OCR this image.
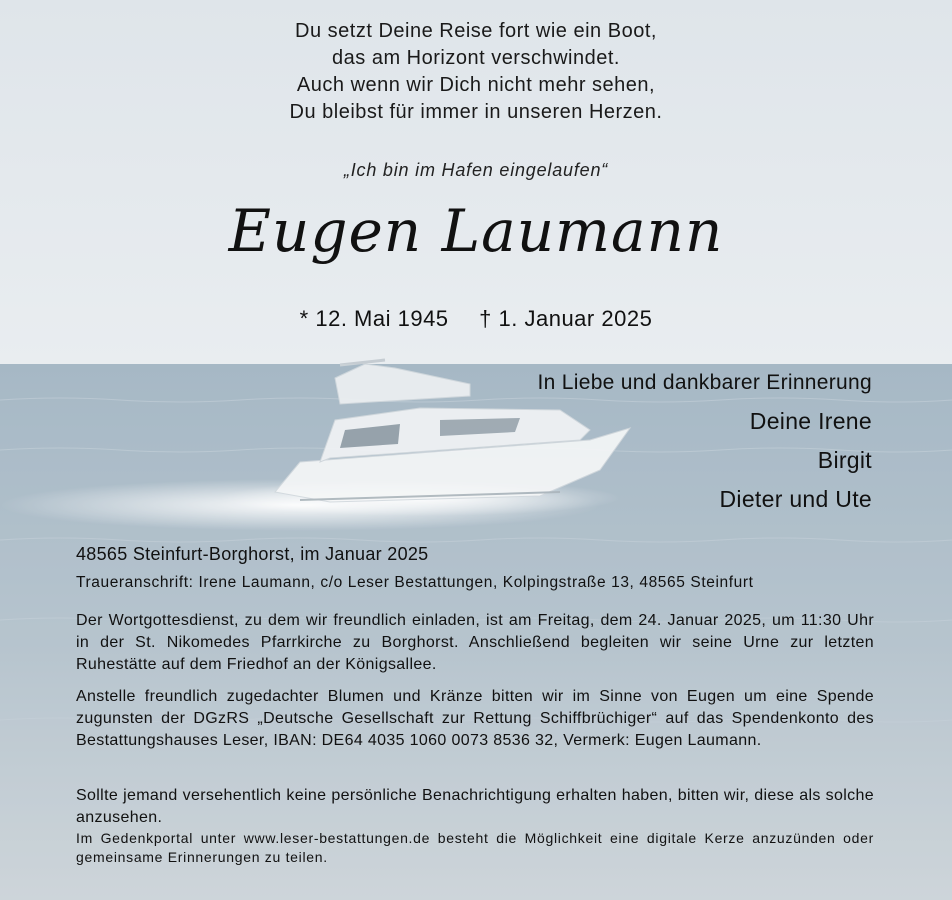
Du setzt Deine Reise fort wie ein Boot,
das am Horizont verschwindet.
Auch wenn wir Dich nicht mehr sehen,
Du bleibst für immer in unseren Herzen.
„Ich bin im Hafen eingelaufen“
Eugen Laumann
* 12. Mai 1945 † 1. Januar 2025
In Liebe und dankbarer Erinnerung
Deine Irene
Birgit
Dieter und Ute
48565 Steinfurt-Borghorst, im Januar 2025
Traueranschrift: Irene Laumann, c/o Leser Bestattungen, Kolpingstraße 13, 48565 Steinfurt
Der Wortgottesdienst, zu dem wir freundlich einladen, ist am Freitag, dem 24. Januar 2025, um 11:30 Uhr in der St. Nikomedes Pfarrkirche zu Borghorst. Anschließend begleiten wir seine Urne zur letzten Ruhestätte auf dem Friedhof an der Königsallee.
Anstelle freundlich zugedachter Blumen und Kränze bitten wir im Sinne von Eugen um eine Spende zugunsten der DGzRS „Deutsche Gesellschaft zur Rettung Schiffbrüchiger“ auf das Spendenkonto des Bestattungshauses Leser, IBAN: DE64 4035 1060 0073 8536 32, Vermerk: Eugen Laumann.
Sollte jemand versehentlich keine persönliche Benachrichtigung erhalten haben, bitten wir, diese als solche anzusehen.
Im Gedenkportal unter www.leser-bestattungen.de besteht die Möglichkeit eine digitale Kerze anzuzünden oder gemeinsame Erinnerungen zu teilen.
